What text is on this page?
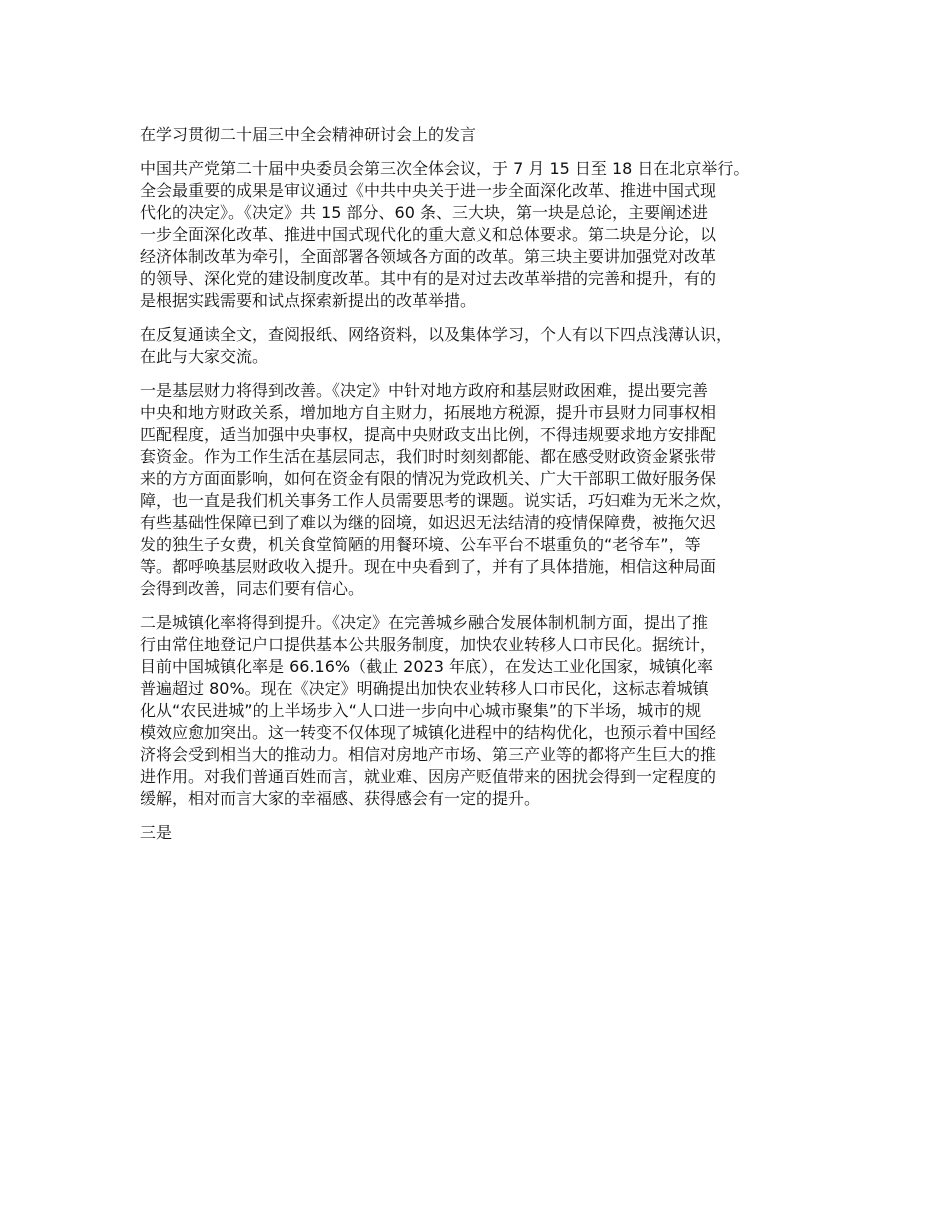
在学习贯彻二十届三中全会精神研讨会上的发言
中国共产党第二十届中央委员会第三次全体会议，于 7 月 15 日至 18 日在北京举行。
全会最重要的成果是审议通过《中共中央关于进一步全面深化改革、推进中国式现
代化的决定》。《决定》共 15 部分、60 条、三大块，第一块是总论，主要阐述进
一步全面深化改革、推进中国式现代化的重大意义和总体要求。第二块是分论，以
经济体制改革为牵引，全面部署各领域各方面的改革。第三块主要讲加强党对改革
的领导、深化党的建设制度改革。其中有的是对过去改革举措的完善和提升，有的
是根据实践需要和试点探索新提出的改革举措。
在反复通读全文，查阅报纸、网络资料，以及集体学习，个人有以下四点浅薄认识，
在此与大家交流。
一是基层财力将得到改善。《决定》中针对地方政府和基层财政困难，提出要完善
中央和地方财政关系，增加地方自主财力，拓展地方税源，提升市县财力同事权相
匹配程度，适当加强中央事权，提高中央财政支出比例，不得违规要求地方安排配
套资金。作为工作生活在基层同志，我们时时刻刻都能、都在感受财政资金紧张带
来的方方面面影响，如何在资金有限的情况为党政机关、广大干部职工做好服务保
障，也一直是我们机关事务工作人员需要思考的课题。说实话，巧妇难为无米之炊，
有些基础性保障已到了难以为继的囧境，如迟迟无法结清的疫情保障费，被拖欠迟
发的独生子女费，机关食堂简陋的用餐环境、公车平台不堪重负的“老爷车”，等
等。都呼唤基层财政收入提升。现在中央看到了，并有了具体措施，相信这种局面
会得到改善，同志们要有信心。
二是城镇化率将得到提升。《决定》在完善城乡融合发展体制机制方面，提出了推
行由常住地登记户口提供基本公共服务制度，加快农业转移人口市民化。据统计，
目前中国城镇化率是 66.16%（截止 2023 年底），在发达工业化国家，城镇化率
普遍超过 80%。现在《决定》明确提出加快农业转移人口市民化，这标志着城镇
化从“农民进城”的上半场步入“人口进一步向中心城市聚集”的下半场，城市的规
模效应愈加突出。这一转变不仅体现了城镇化进程中的结构优化，也预示着中国经
济将会受到相当大的推动力。相信对房地产市场、第三产业等的都将产生巨大的推
进作用。对我们普通百姓而言，就业难、因房产贬值带来的困扰会得到一定程度的
缓解，相对而言大家的幸福感、获得感会有一定的提升。
三是
